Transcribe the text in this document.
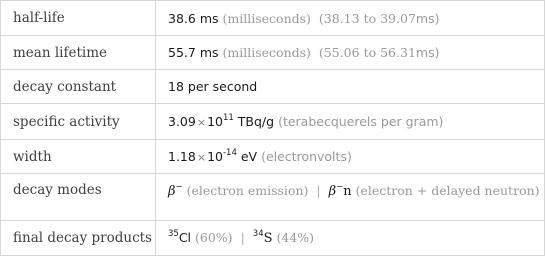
half-life	38.6 ms (milliseconds) (38.13 to 39.07ms)
mean lifetime	55.7 ms (milliseconds) (55.06 to 56.31ms)
decay constant	18 per second
specific activity	$3.09\times 10^{11}$ TBq/g (terabecquerels per gram)
width	$1.18\times 10^{-14}$ eV (electronvolts)
decay modes	β− (electron emission) | β−n (electron + delayed neutron)
final decay products	$^{35}$Cl (60%) | $^{34}$S (44%)
